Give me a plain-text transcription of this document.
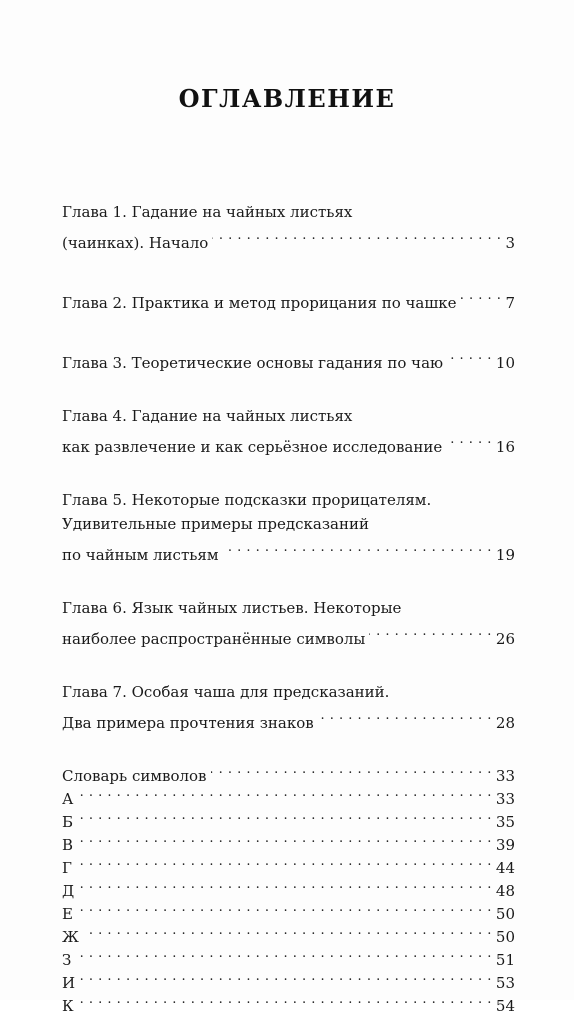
ОГЛАВЛЕНИЕ
Глава 1. Гадание на чайных листьях
(чаинках). Начало . . .	3
Глава 2. Практика и метод прорицания по чашке . . .	7
Глава 3. Теоретические основы гадания по чаю . . .	10
Глава 4. Гадание на чайных листьях
как развлечение и как серьёзное исследование . . .	16
Глава 5. Некоторые подсказки прорицателям.
Удивительные примеры предсказаний
по чайным листьям . . .	19
Глава 6. Язык чайных листьев. Некоторые
наиболее распространённые символы . . .	26
Глава 7. Особая чаша для предсказаний.
Два примера прочтения знаков . . .	28
Словарь символов . . .	33
А . . .	33
Б . . .	35
В . . .	39
Г . . .	44
Д . . .	48
Е . . .	50
Ж . . .	50
З . . .	51
И . . .	53
К . . .	54
